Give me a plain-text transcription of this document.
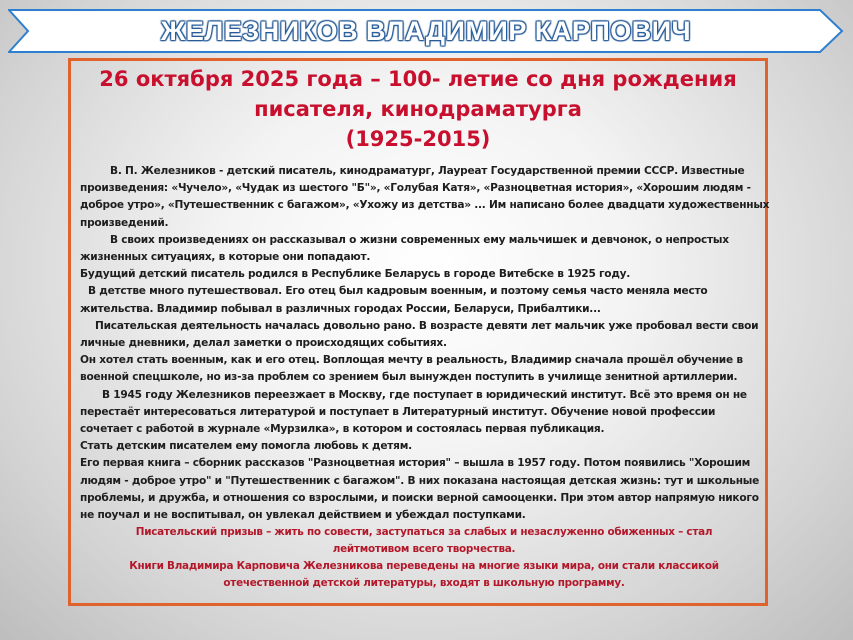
ЖЕЛЕЗНИКОВ ВЛАДИМИР КАРПОВИЧ
26 октября 2025 года – 100- летие со дня рождения
писателя, кинодраматурга
(1925-2015)

В. П. Железников - детский писатель, кинодраматург, Лауреат Государственной премии СССР. Известные произведения: «Чучело», «Чудак из шестого "Б"», «Голубая Катя», «Разноцветная история», «Хорошим людям - доброе утро», «Путешественник с багажом», «Ухожу из детства» ... Им написано более двадцати художественных произведений.

В своих произведениях он рассказывал о жизни современных ему мальчишек и девчонок, о непростых жизненных ситуациях, в которые они попадают.

Будущий детский писатель родился в Республике Беларусь в городе Витебске в 1925 году.

В детстве много путешествовал. Его отец был кадровым военным, и поэтому семья часто меняла место жительства. Владимир побывал в различных городах России, Беларуси, Прибалтики...

Писательская деятельность началась довольно рано. В возрасте девяти лет мальчик уже пробовал вести свои личные дневники, делал заметки о происходящих событиях.

Он хотел стать военным, как и его отец. Воплощая мечту в реальность, Владимир сначала прошёл обучение в военной спецшколе, но из-за проблем со зрением был вынужден поступить в училище зенитной артиллерии.

В 1945 году Железников переезжает в Москву, где поступает в юридический институт. Всё это время он не перестаёт интересоваться литературой и поступает в Литературный институт. Обучение новой профессии сочетает с работой в журнале «Мурзилка», в котором и состоялась первая публикация.

Стать детским писателем ему помогла любовь к детям.

Его первая книга – сборник рассказов "Разноцветная история" – вышла в 1957 году. Потом появились "Хорошим людям - доброе утро" и "Путешественник с багажом". В них показана настоящая детская жизнь: тут и школьные проблемы, и дружба, и отношения со взрослыми, и поиски верной самооценки. При этом автор напрямую никого не поучал и не воспитывал, он увлекал действием и убеждал поступками.

Писательский призыв – жить по совести, заступаться за слабых и незаслуженно обиженных – стал лейтмотивом всего творчества.

Книги Владимира Карповича Железникова переведены на многие языки мира, они стали классикой отечественной детской литературы, входят в школьную программу.
